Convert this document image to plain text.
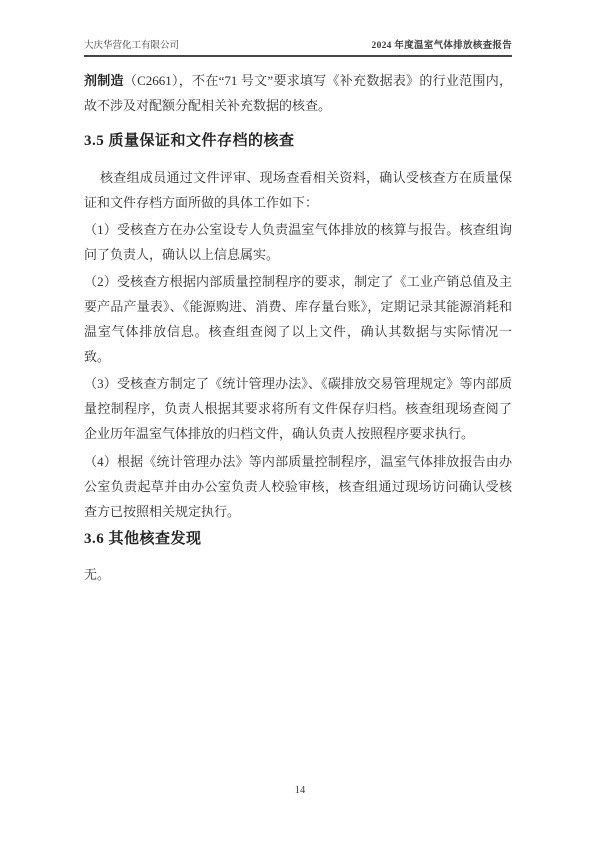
大庆华营化工有限公司	2024 年度温室气体排放核查报告

剂制造（C2661），不在“71 号文”要求填写《补充数据表》的行业范围内，故不涉及对配额分配相关补充数据的核查。

3.5 质量保证和文件存档的核查

核查组成员通过文件评审、现场查看相关资料，确认受核查方在质量保证和文件存档方面所做的具体工作如下：

（1）受核查方在办公室设专人负责温室气体排放的核算与报告。核查组询问了负责人，确认以上信息属实。

（2）受核查方根据内部质量控制程序的要求，制定了《工业产销总值及主要产品产量表》、《能源购进、消费、库存量台账》，定期记录其能源消耗和温室气体排放信息。核查组查阅了以上文件，确认其数据与实际情况一致。

（3）受核查方制定了《统计管理办法》、《碳排放交易管理规定》等内部质量控制程序，负责人根据其要求将所有文件保存归档。核查组现场查阅了企业历年温室气体排放的归档文件，确认负责人按照程序要求执行。

（4）根据《统计管理办法》等内部质量控制程序，温室气体排放报告由办公室负责起草并由办公室负责人校验审核，核查组通过现场访问确认受核查方已按照相关规定执行。

3.6 其他核查发现

无。

14
